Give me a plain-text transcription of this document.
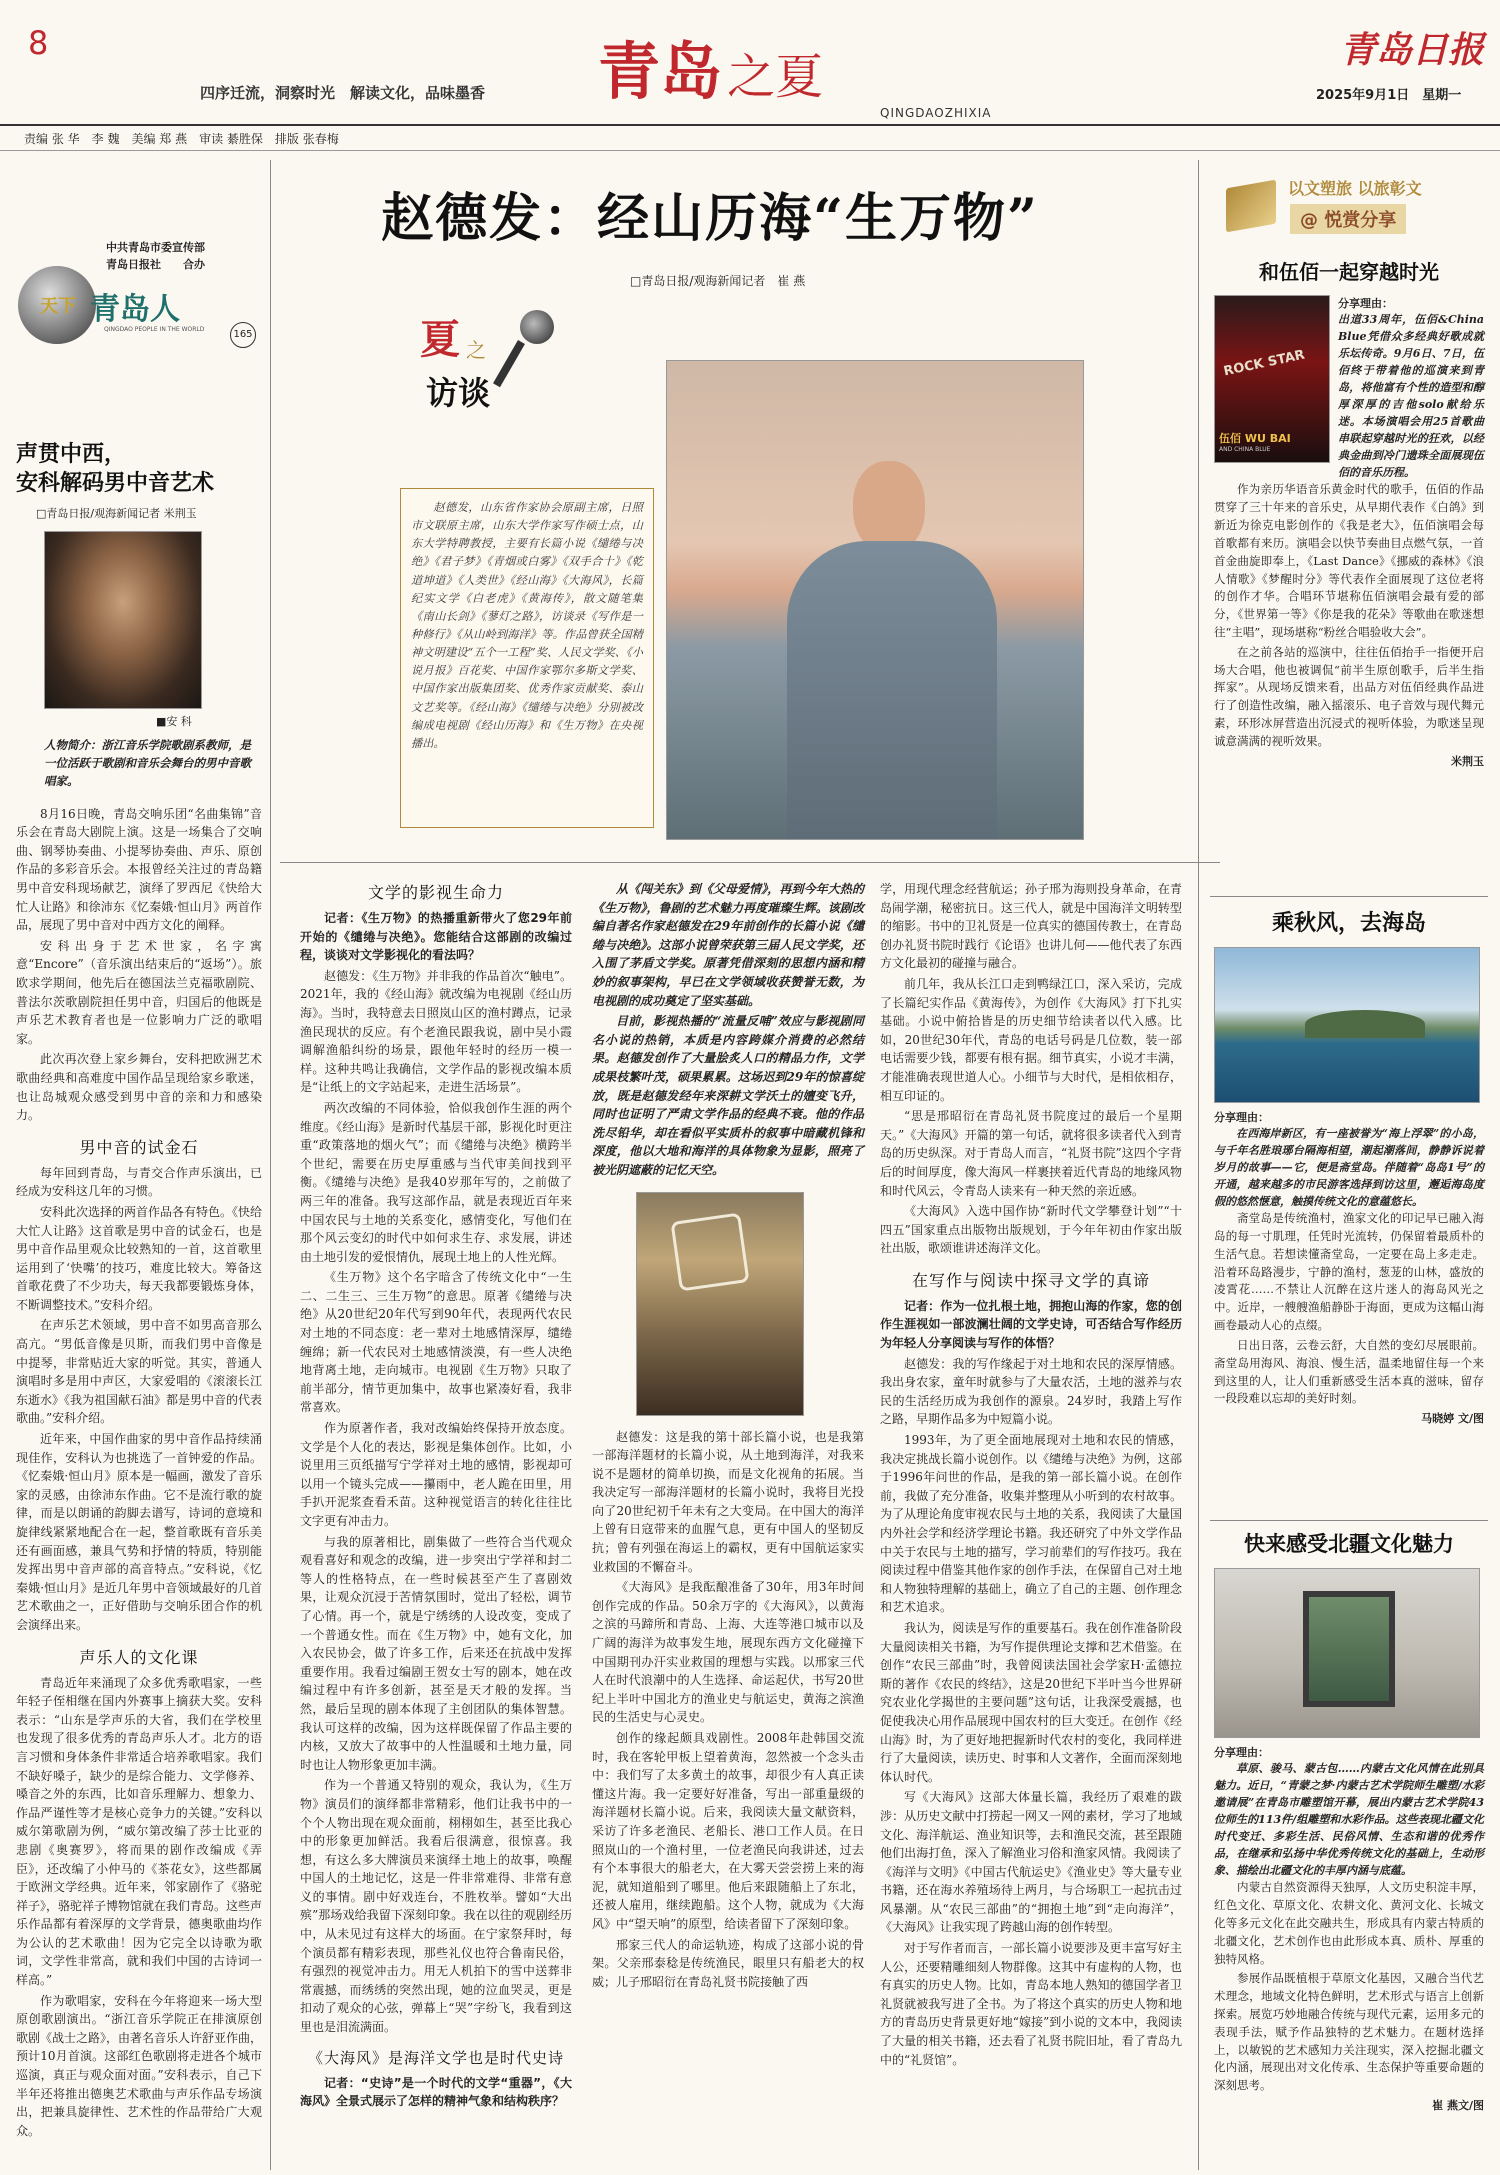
8
四序迁流，洞察时光　解读文化，品味墨香 青岛 之夏
QINGDAOZHIXIA
青岛日报
2025年9月1日　星期一
责编 张 华　李 魏　美编 郑 燕　审读 綦胜保　排版 张春梅
中共青岛市委宣传部
青岛日报社　　合办
天下 青岛人
QINGDAO PEOPLE IN THE WORLD	165
声贯中西，
安科解码男中音艺术
□青岛日报/观海新闻记者 米荆玉
■安 科
人物简介：浙江音乐学院歌剧系教师，是一位活跃于歌剧和音乐会舞台的男中音歌唱家。

8月16日晚，青岛交响乐团“名曲集锦”音乐会在青岛大剧院上演。这是一场集合了交响曲、钢琴协奏曲、小提琴协奏曲、声乐、原创作品的多彩音乐会。本报曾经关注过的青岛籍男中音安科现场献艺，演绎了罗西尼《快给大忙人让路》和徐沛东《忆秦娥·恒山月》两首作品，展现了男中音对中西方文化的阐释。

安科出身于艺术世家，名字寓意“Encore”（音乐演出结束后的“返场”）。旅欧求学期间，他先后在德国法兰克福歌剧院、普法尔茨歌剧院担任男中音，归国后的他既是声乐艺术教育者也是一位影响力广泛的歌唱家。

此次再次登上家乡舞台，安科把欧洲艺术歌曲经典和高难度中国作品呈现给家乡歌迷，也让岛城观众感受到男中音的亲和力和感染力。

男中音的试金石

每年回到青岛，与青交合作声乐演出，已经成为安科这几年的习惯。

安科此次选择的两首作品各有特色。《快给大忙人让路》这首歌是男中音的试金石，也是男中音作品里观众比较熟知的一首，这首歌里运用到了‘快嘴’的技巧，难度比较大。筹备这首歌花费了不少功夫，每天我都要锻炼身体，不断调整技术。”安科介绍。

在声乐艺术领域，男中音不如男高音那么高亢。“男低音像是贝斯，而我们男中音像是中提琴，非常贴近大家的听觉。其实，普通人演唱时多是用中声区，大家爱唱的《滚滚长江东逝水》《我为祖国献石油》都是男中音的代表歌曲。”安科介绍。

近年来，中国作曲家的男中音作品持续涌现佳作，安科认为也挑选了一首钟爱的作品。《忆秦娥·恒山月》原本是一幅画，激发了音乐家的灵感，由徐沛东作曲。它不是流行歌的旋律，而是以朗诵的韵脚去谱写，诗词的意境和旋律线紧紧地配合在一起，整首歌既有音乐美还有画面感，兼具气势和抒情的特质，特别能发挥出男中音声部的高音特点。”安科说，《忆秦娥·恒山月》是近几年男中音领域最好的几首艺术歌曲之一，正好借助与交响乐团合作的机会演绎出来。

声乐人的文化课

青岛近年来涌现了众多优秀歌唱家，一些年轻子侄相继在国内外赛事上摘获大奖。安科表示：“山东是学声乐的大省，我们在学校里也发现了很多优秀的青岛声乐人才。北方的语言习惯和身体条件非常适合培养歌唱家。我们不缺好嗓子，缺少的是综合能力、文学修养、嗓音之外的东西，比如音乐理解力、想象力、作品严谨性等才是核心竞争力的关键。”安科以威尔第歌剧为例，“威尔第改编了莎士比亚的悲剧《奥赛罗》，将而果的剧作改编成《弄臣》，还改编了小仲马的《茶花女》，这些都属于欧洲文学经典。近年来，邻家剧作了《骆驼祥子》，骆驼祥子博物馆就在我们青岛。这些声乐作品都有着深厚的文学背景，德奥歌曲均作为公认的艺术歌曲！因为它完全以诗歌为歌词，文学性非常高，就和我们中国的古诗词一样高。”

作为歌唱家，安科在今年将迎来一场大型原创歌剧演出。“浙江音乐学院正在排演原创歌剧《战士之路》，由著名音乐人许舒亚作曲，预计10月首演。这部红色歌剧将走进各个城市巡演，真正与观众面对面。”安科表示，自己下半年还将推出德奥艺术歌曲与声乐作品专场演出，把兼具旋律性、艺术性的作品带给广大观众。

赵德发：经山历海“生万物”
□青岛日报/观海新闻记者　崔 燕
夏 之
访谈
赵德发，山东省作家协会原副主席，日照市文联原主席，山东大学作家写作硕士点，山东大学特聘教授，主要有长篇小说《缱绻与决绝》《君子梦》《青烟或白雾》《双手合十》《乾道坤道》《人类世》《经山海》《大海风》，长篇纪实文学《白老虎》《黄海传》，散文随笔集《南山长剑》《蓼灯之路》，访谈录《写作是一种修行》《从山岭到海洋》等。作品曾获全国精神文明建设“五个一工程”奖、人民文学奖、《小说月报》百花奖、中国作家鄂尔多斯文学奖、中国作家出版集团奖、优秀作家贡献奖、泰山文艺奖等。《经山海》《缱绻与决绝》分别被改编成电视剧《经山历海》和《生万物》在央视播出。
文学的影视生命力

记者：《生万物》的热播重新带火了您29年前开始的《缱绻与决绝》。您能结合这部剧的改编过程，谈谈对文学影视化的看法吗？

赵德发：《生万物》并非我的作品首次“触电”。2021年，我的《经山海》就改编为电视剧《经山历海》。当时，我特意去日照岚山区的渔村蹲点，记录渔民现状的反应。有个老渔民跟我说，剧中吴小霞调解渔船纠纷的场景，跟他年轻时的经历一模一样。这种共鸣让我确信，文学作品的影视改编本质是“让纸上的文字站起来，走进生活场景”。

两次改编的不同体验，恰似我创作生涯的两个维度。《经山海》是新时代基层干部，影视化时更注重“政策落地的烟火气”；而《缱绻与决绝》横跨半个世纪，需要在历史厚重感与当代审美间找到平衡。《缱绻与决绝》是我40岁那年写的，之前做了两三年的准备。我写这部作品，就是表现近百年来中国农民与土地的关系变化，感情变化，写他们在那个风云变幻的时代中如何求生存、求发展，讲述由土地引发的爱恨情仇，展现土地上的人性光辉。

《生万物》这个名字暗含了传统文化中“一生二、二生三、三生万物”的意思。原著《缱绻与决绝》从20世纪20年代写到90年代，表现两代农民对土地的不同态度：老一辈对土地感情深厚，缱绻缠绵；新一代农民对土地感情淡漠，有一些人决绝地背离土地，走向城市。电视剧《生万物》只取了前半部分，情节更加集中，故事也紧凑好看，我非常喜欢。

作为原著作者，我对改编始终保持开放态度。文学是个人化的表达，影视是集体创作。比如，小说里用三页纸描写宁学祥对土地的感情，影视却可以用一个镜头完成——攥雨中，老人跪在田里，用手扒开泥浆查看禾苗。这种视觉语言的转化往往比文字更有冲击力。

与我的原著相比，剧集做了一些符合当代观众观看喜好和观念的改编，进一步突出宁学祥和封二等人的性格特点，在一些时候甚至产生了喜剧效果，让观众沉浸于苦情氛围时，觉出了轻松，调节了心情。再一个，就是宁绣绣的人设改变，变成了一个普通女性。而在《生万物》中，她有文化，加入农民协会，做了许多工作，后来还在抗战中发挥重要作用。我看过编剧王贺女士写的剧本，她在改编过程中有许多创新，甚至是天才般的发挥。当然，最后呈现的剧本体现了主创团队的集体智慧。我认可这样的改编，因为这样既保留了作品主要的内核，又放大了故事中的人性温暖和土地力量，同时也让人物形象更加丰满。

作为一个普通又特别的观众，我认为，《生万物》演员们的演绎都非常精彩，他们让我书中的一个个人物出现在观众面前，栩栩如生，甚至比我心中的形象更加鲜活。我看后很满意，很惊喜。我想，有这么多大牌演员来演绎土地上的故事，唤醒中国人的土地记忆，这是一件非常难得、非常有意义的事情。剧中好戏连台，不胜枚举。譬如“大出殡”那场戏给我留下深刻印象。我在以往的观剧经历中，从未见过有这样大的场面。在宁家祭拜时，每个演员都有精彩表现，那些礼仪也符合鲁南民俗，有强烈的视觉冲击力。用无人机拍下的雪中送葬非常震撼，而绣绣的突然出现，她的泣血哭灵，更是扣动了观众的心弦，弹幕上“哭”字纷飞，我看到这里也是泪流满面。

《大海风》是海洋文学也是时代史诗

记者：“史诗”是一个时代的文学“重器”，《大海风》全景式展示了怎样的精神气象和结构秩序？

从《闯关东》到《父母爱情》，再到今年大热的《生万物》，鲁剧的艺术魅力再度璀璨生辉。该剧改编自著名作家赵德发在29年前创作的长篇小说《缱绻与决绝》。这部小说曾荣获第三届人民文学奖，还入围了茅盾文学奖。原著凭借深刻的思想内涵和精妙的叙事架构，早已在文学领域收获赞誉无数，为电视剧的成功奠定了坚实基础。

目前，影视热播的“流量反哺”效应与影视剧同名小说的热销，本质是内容跨媒介消费的必然结果。赵德发创作了大量脍炙人口的精品力作，文学成果枝繁叶茂，硕果累累。这场迟到29年的惊喜绽放，既是赵德发经年来深耕文学沃土的嬗变飞升，同时也证明了严肃文学作品的经典不衰。他的作品洗尽铅华，却在看似平实质朴的叙事中暗藏机锋和深度，他以大地和海洋的具体物象为显影，照亮了被光阴遮蔽的记忆天空。

赵德发：这是我的第十部长篇小说，也是我第一部海洋题材的长篇小说，从土地到海洋，对我来说不是题材的简单切换，而是文化视角的拓展。当我决定写一部海洋题材的长篇小说时，我将目光投向了20世纪初千年未有之大变局。在中国大的海洋上曾有日寇带来的血腥气息，更有中国人的坚韧反抗；曾有列强在海运上的霸权，更有中国航运家实业救国的不懈奋斗。

《大海风》是我酝酿准备了30年，用3年时间创作完成的作品。50余万字的《大海风》，以黄海之滨的马蹄所和青岛、上海、大连等港口城市以及广阔的海洋为故事发生地，展现东西方文化碰撞下中国期刊办汗实业救国的理想与实践。以邢家三代人在时代浪潮中的人生选择、命运起伏，书写20世纪上半叶中国北方的渔业史与航运史，黄海之滨渔民的生活史与心灵史。

创作的缘起颇具戏剧性。2008年赴韩国交流时，我在客轮甲板上望着黄海，忽然被一个念头击中：我们写了太多黄土的故事，却很少有人真正读懂这片海。我一定要好好准备，写出一部重量级的海洋题材长篇小说。后来，我阅读大量文献资料，采访了许多老渔民、老船长、港口工作人员。在日照岚山的一个渔村里，一位老渔民向我讲述，过去有个本事很大的船老大，在大雾天尝尝捞上来的海泥，就知道船到了哪里。他后来跟随船上了东北，还被人雇用，继续跑船。这个人物，就成为《大海风》中“望天响”的原型，给读者留下了深刻印象。

邢家三代人的命运轨迹，构成了这部小说的骨架。父亲邢泰稔是传统渔民，眼里只有船老大的权威；儿子邢昭衍在青岛礼贤书院接触了西

学，用现代理念经营航运；孙子邢为海则投身革命，在青岛闹学潮，秘密抗日。这三代人，就是中国海洋文明转型的缩影。书中的卫礼贤是一位真实的德国传教士，在青岛创办礼贤书院时践行《论语》也讲儿何——他代表了东西方文化最初的碰撞与融合。

前几年，我从长江口走到鸭绿江口，深入采访，完成了长篇纪实作品《黄海传》，为创作《大海风》打下扎实基础。小说中俯拾皆是的历史细节给读者以代入感。比如，20世纪30年代，青岛的电话号码是几位数，装一部电话需要少钱，都要有根有据。细节真实，小说才丰满，才能准确表现世道人心。小细节与大时代，是相依相存，相互印证的。

“思是邢昭衍在青岛礼贤书院度过的最后一个星期天。”《大海风》开篇的第一句话，就将很多读者代入到青岛的历史纵深。对于青岛人而言，“礼贤书院”这四个字背后的时间厚度，像大海风一样裹挟着近代青岛的地缘风物和时代风云，令青岛人读来有一种天然的亲近感。

《大海风》入选中国作协“新时代文学攀登计划”“十四五”国家重点出版物出版规划，于今年年初由作家出版社出版，歌颂谁讲述海洋文化。

在写作与阅读中探寻文学的真谛

记者：作为一位扎根土地，拥抱山海的作家，您的创作生涯视如一部波澜壮阔的文学史诗，可否结合写作经历为年轻人分享阅读与写作的体悟？

赵德发：我的写作缘起于对土地和农民的深厚情感。我出身农家，童年时就参与了大量农活，土地的滋养与农民的生活经历成为我创作的源泉。24岁时，我踏上写作之路，早期作品多为中短篇小说。

1993年，为了更全面地展现对土地和农民的情感，我决定挑战长篇小说创作。以《缱绻与决绝》为例，这部于1996年问世的作品，是我的第一部长篇小说。在创作前，我做了充分准备，收集并整理从小听到的农村故事。为了从理论角度审视农民与土地的关系，我阅读了大量国内外社会学和经济学理论书籍。我还研究了中外文学作品中关于农民与土地的描写，学习前辈们的写作技巧。我在阅读过程中借鉴其他作家的创作手法，在保留自己对土地和人物独特理解的基础上，确立了自己的主题、创作理念和艺术追求。

我认为，阅读是写作的重要基石。我在创作准备阶段大量阅读相关书籍，为写作提供理论支撑和艺术借鉴。在创作“农民三部曲”时，我曾阅读法国社会学家H·孟德拉斯的著作《农民的终结》，这是20世纪下半叶当今世界研究农业化学揭世的主要问题”这句话，让我深受震撼，也促使我决心用作品展现中国农村的巨大变迁。在创作《经山海》时，为了更好地把握新时代农村的变化，我同样进行了大量阅读，读历史、时事和人文著作，全面而深刻地体认时代。

写《大海风》这部大体量长篇，我经历了艰难的跋涉：从历史文献中打捞起一网又一网的素材，学习了地域文化、海洋航运、渔业知识等，去和渔民交流，甚至跟随他们出海打鱼，深入了解渔业习俗和渔家风情。我阅读了《海洋与文明》《中国古代航运史》《渔业史》等大量专业书籍，还在海水养殖场待上两月，与合场职工一起抗击过风暴潮。从“农民三部曲”的“拥抱土地”到“走向海洋”，《大海风》让我实现了跨越山海的创作转型。

对于写作者而言，一部长篇小说要涉及更丰富写好主人公，还要精雕细刻人物群像。这其中有虚构的人物，也有真实的历史人物。比如，青岛本地人熟知的德国学者卫礼贤就被我写进了全书。为了将这个真实的历史人物和地方的青岛历史背景更好地“嫁接”到小说的文本中，我阅读了大量的相关书籍，还去看了礼贤书院旧址，看了青岛九中的“礼贤馆”。

以文塑旅 以旅彰文
@ 悦赏分享
和伍佰一起穿越时光
ROCK STAR
伍佰 WU BAI
AND CHINA BLUE
分享理由：
出道33周年，伍佰&China Blue凭借众多经典好歌成就乐坛传奇。9月6日、7日，伍佰终于带着他的巡演来到青岛，将他富有个性的造型和醇厚深厚的吉他solo献给乐迷。本场演唱会用25首歌曲串联起穿越时光的狂欢，以经典金曲到冷门遗珠全面展现伍佰的音乐历程。

作为亲历华语音乐黄金时代的歌手，伍佰的作品贯穿了三十年来的音乐史，从早期代表作《白鸽》到新近为徐克电影创作的《我是老大》，伍佰演唱会每首歌都有来历。演唱会以快节奏曲目点燃气氛，一首首金曲旋即奉上，《Last Dance》《挪威的森林》《浪人情歌》《梦醒时分》等代表作全面展现了这位老将的创作才华。合唱环节堪称伍佰演唱会最有爱的部分，《世界第一等》《你是我的花朵》等歌曲在歌迷想往“主唱”，现场堪称“粉丝合唱验收大会”。

在之前各站的巡演中，往往伍佰抬手一指便开启场大合唱，他也被调侃“前半生原创歌手，后半生指挥家”。从现场反馈来看，出品方对伍佰经典作品进行了创造性改编，融入摇滚乐、电子音效与现代舞元素，环形冰屏营造出沉浸式的视听体验，为歌迷呈现诚意满满的视听效果。

米荆玉
乘秋风，去海岛
分享理由：
在西海岸新区，有一座被誉为“海上浮翠”的小岛，与千年名胜琅琊台隔海相望，潮起潮落间，静静诉说着岁月的故事——它，便是斋堂岛。伴随着“岛岛1号”的开通，越来越多的市民游客选择到访这里，邂逅海岛度假的悠然惬意，触摸传统文化的意蕴悠长。

斋堂岛是传统渔村，渔家文化的印记早已融入海岛的每一寸肌理，任凭时光流转，仍保留着最质朴的生活气息。若想读懂斋堂岛，一定要在岛上多走走。沿着环岛路漫步，宁静的渔村，葱茏的山林，盛放的凌霄花……不禁让人沉醉在这片迷人的海岛风光之中。近岸，一艘艘渔船静卧于海面，更成为这幅山海画卷最动人心的点缀。

日出日落，云卷云舒，大自然的变幻尽展眼前。斋堂岛用海风、海浪、慢生活，温柔地留住每一个来到这里的人，让人们重新感受生活本真的滋味，留存一段段难以忘却的美好时刻。

马晓婷 文/图
快来感受北疆文化魅力
分享理由：
草原、骏马、蒙古包……内蒙古文化风情在此别具魅力。近日，“青蒙之梦·内蒙古艺术学院师生雕塑/水彩邀请展”在青岛市雕塑馆开幕，展出内蒙古艺术学院43位师生的113件/组雕塑和水彩作品。这些表现北疆文化时代变迁、多彩生活、民俗风情、生态和谐的优秀作品，在继承和弘扬中华优秀传统文化的基础上，生动形象、描绘出北疆文化的丰厚内涵与底蕴。

内蒙古自然资源得天独厚，人文历史积淀丰厚，红色文化、草原文化、农耕文化、黄河文化、长城文化等多元文化在此交融共生，形成具有内蒙古特质的北疆文化，艺术创作也由此形成本真、质朴、厚重的独特风格。

参展作品既植根于草原文化基因，又融合当代艺术理念，地域文化特色鲜明，艺术形式与语言上创新探索。展览巧妙地融合传统与现代元素，运用多元的表现手法，赋予作品独特的艺术魅力。在题材选择上，以敏锐的艺术感知力关注现实，深入挖掘北疆文化内涵，展现出对文化传承、生态保护等重要命题的深刻思考。

崔 燕文/图
